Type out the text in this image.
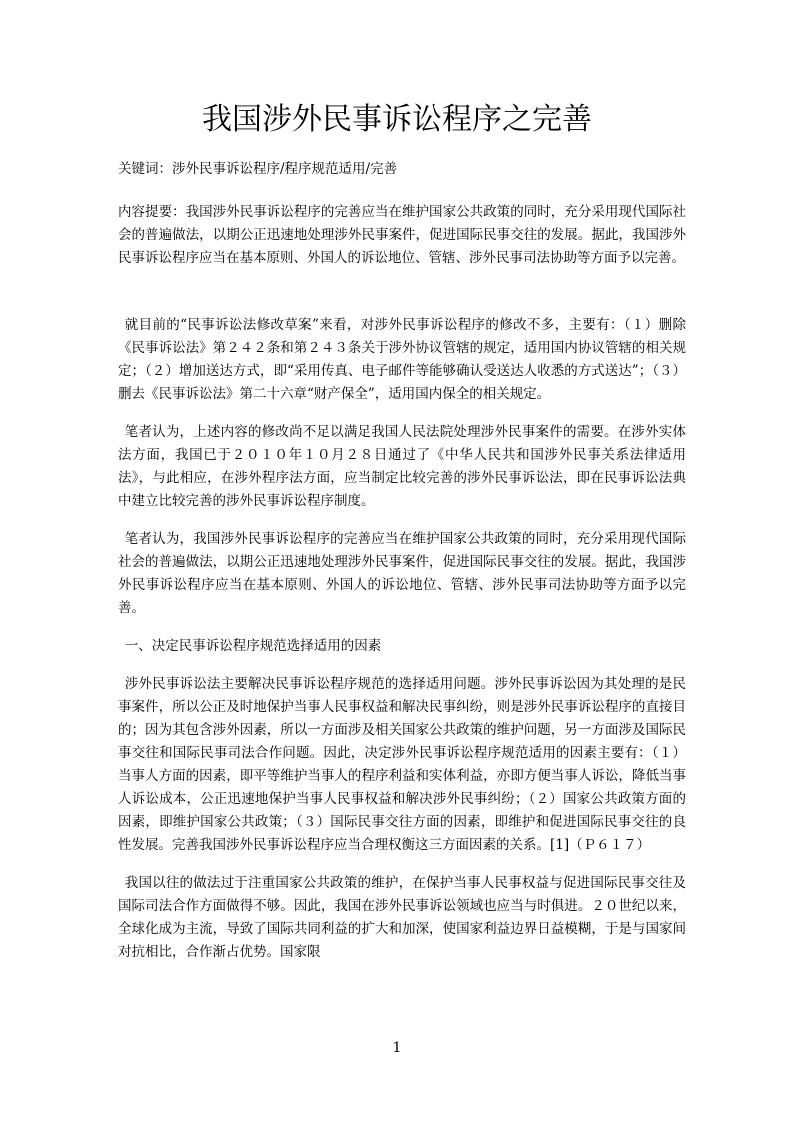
我国涉外民事诉讼程序之完善

关键词：涉外民事诉讼程序/程序规范适用/完善

内容提要：我国涉外民事诉讼程序的完善应当在维护国家公共政策的同时，充分采用现代国际社会的普遍做法，以期公正迅速地处理涉外民事案件，促进国际民事交往的发展。据此，我国涉外民事诉讼程序应当在基本原则、外国人的诉讼地位、管辖、涉外民事司法协助等方面予以完善。

就目前的“民事诉讼法修改草案”来看，对涉外民事诉讼程序的修改不多，主要有：（１）删除《民事诉讼法》第２４２条和第２４３条关于涉外协议管辖的规定，适用国内协议管辖的相关规定；（２）增加送达方式，即“采用传真、电子邮件等能够确认受送达人收悉的方式送达”；（３）删去《民事诉讼法》第二十六章“财产保全”，适用国内保全的相关规定。

笔者认为，上述内容的修改尚不足以满足我国人民法院处理涉外民事案件的需要。在涉外实体法方面，我国已于２０１０年１０月２８日通过了《中华人民共和国涉外民事关系法律适用法》，与此相应，在涉外程序法方面，应当制定比较完善的涉外民事诉讼法，即在民事诉讼法典中建立比较完善的涉外民事诉讼程序制度。

笔者认为，我国涉外民事诉讼程序的完善应当在维护国家公共政策的同时，充分采用现代国际社会的普遍做法，以期公正迅速地处理涉外民事案件，促进国际民事交往的发展。据此，我国涉外民事诉讼程序应当在基本原则、外国人的诉讼地位、管辖、涉外民事司法协助等方面予以完善。

一、决定民事诉讼程序规范选择适用的因素

涉外民事诉讼法主要解决民事诉讼程序规范的选择适用问题。涉外民事诉讼因为其处理的是民事案件，所以公正及时地保护当事人民事权益和解决民事纠纷，则是涉外民事诉讼程序的直接目的；因为其包含涉外因素，所以一方面涉及相关国家公共政策的维护问题，另一方面涉及国际民事交往和国际民事司法合作问题。因此，决定涉外民事诉讼程序规范适用的因素主要有：（１）当事人方面的因素，即平等维护当事人的程序利益和实体利益，亦即方便当事人诉讼，降低当事人诉讼成本，公正迅速地保护当事人民事权益和解决涉外民事纠纷；（２）国家公共政策方面的因素，即维护国家公共政策；（３）国际民事交往方面的因素，即维护和促进国际民事交往的良性发展。完善我国涉外民事诉讼程序应当合理权衡这三方面因素的关系。[1]（Ｐ６１７）

我国以往的做法过于注重国家公共政策的维护，在保护当事人民事权益与促进国际民事交往及国际司法合作方面做得不够。因此，我国在涉外民事诉讼领域也应当与时俱进。２０世纪以来，全球化成为主流，导致了国际共同利益的扩大和加深，使国家利益边界日益模糊，于是与国家间对抗相比，合作渐占优势。国家限

1
